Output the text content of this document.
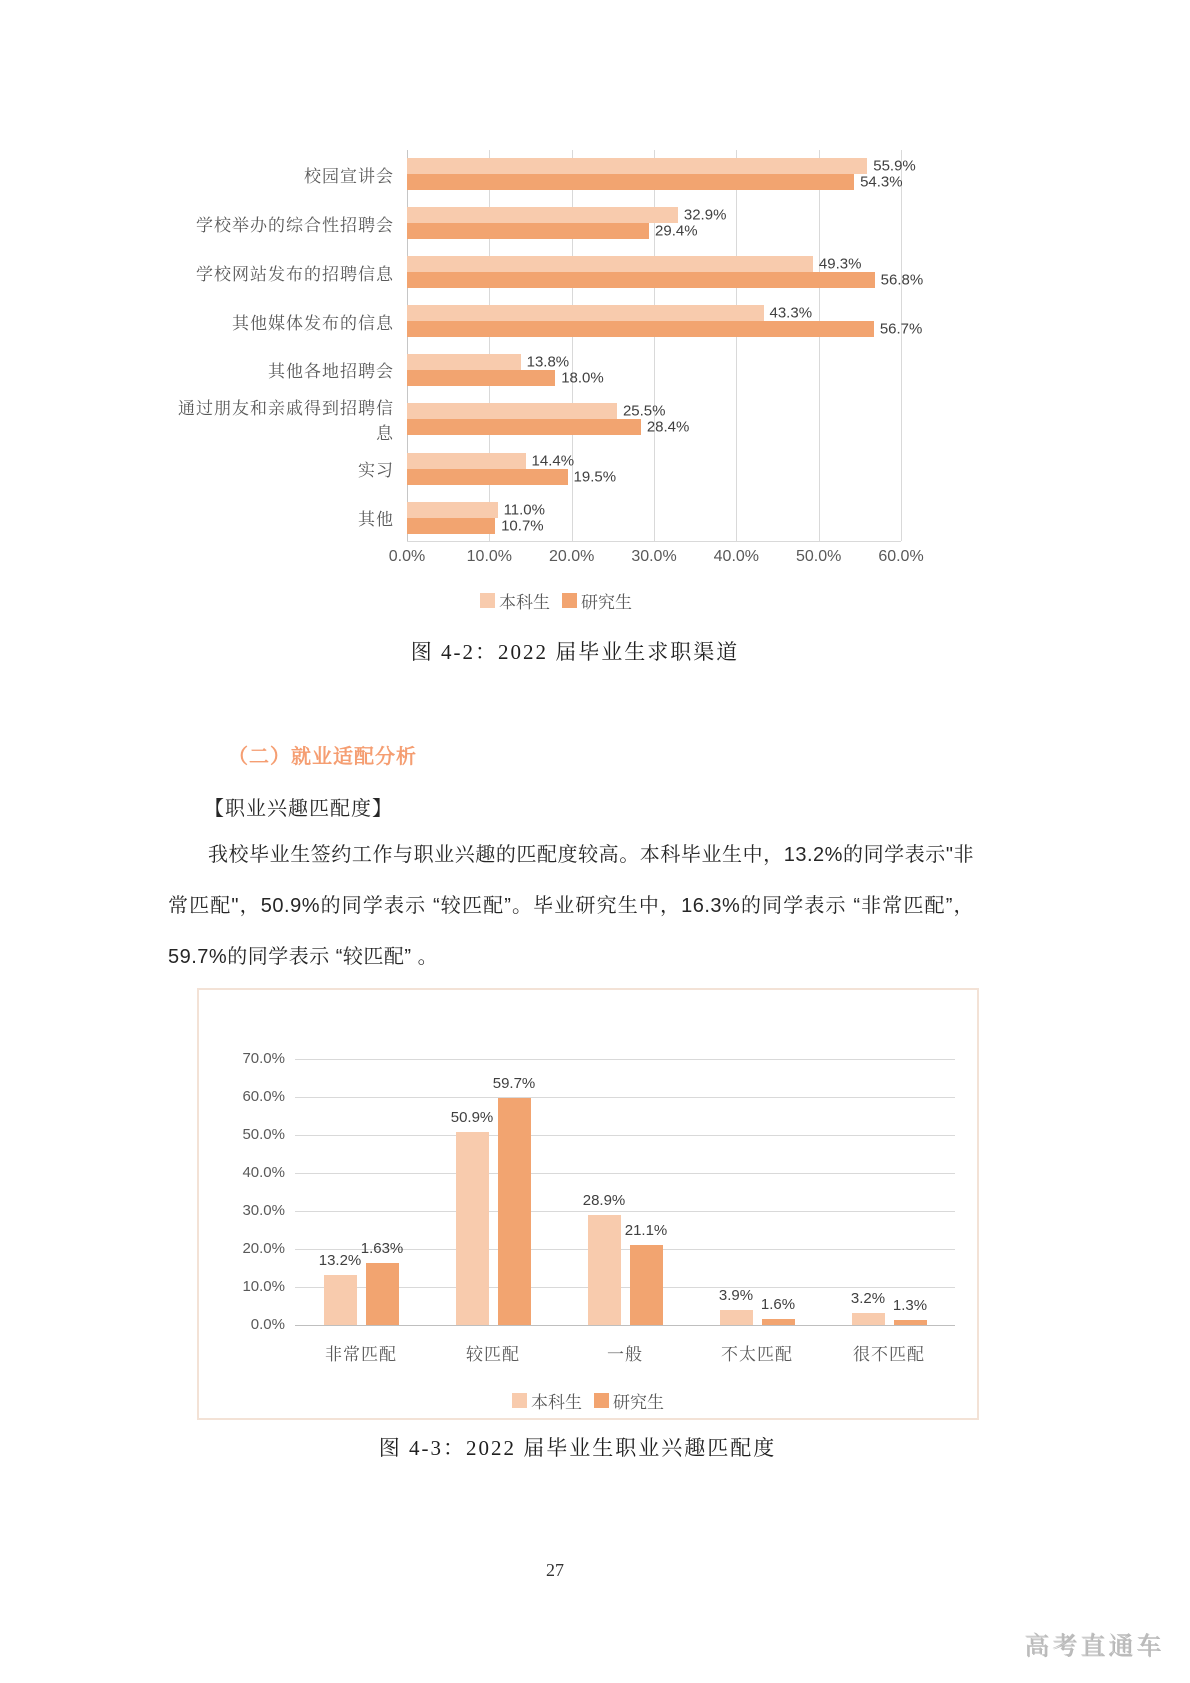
校园宣讲会
55.9%
54.3%
学校举办的综合性招聘会
32.9%
29.4%
学校网站发布的招聘信息
49.3%
56.8%
其他媒体发布的信息
43.3%
56.7%
其他各地招聘会
13.8%
18.0%
通过朋友和亲戚得到招聘信息
25.5%
28.4%
实习
14.4%
19.5%
其他
11.0%
10.7%
0.0%	10.0% 20.0% 30.0% 40.0% 50.0% 60.0%
本科生 研究生
图 4-2：2022 届毕业生求职渠道
（二）就业适配分析
【职业兴趣匹配度】

我校毕业生签约工作与职业兴趣的匹配度较高。本科毕业生中，13.2%的同学表示"非常匹配"，50.9%的同学表示 “较匹配”。毕业研究生中，16.3%的同学表示 “非常匹配”，59.7%的同学表示 “较匹配” 。

0.0%
10.0%
20.0%
30.0%
40.0%
50.0%
60.0%
70.0%
13.2%
1.63%
50.9%
59.7%
28.9%
21.1%
3.9%
1.6%	3.2% 1.3%
非常匹配	较匹配	一般	不太匹配	很不匹配
本科生 研究生
图 4-3：2022 届毕业生职业兴趣匹配度
27
高考直通车
